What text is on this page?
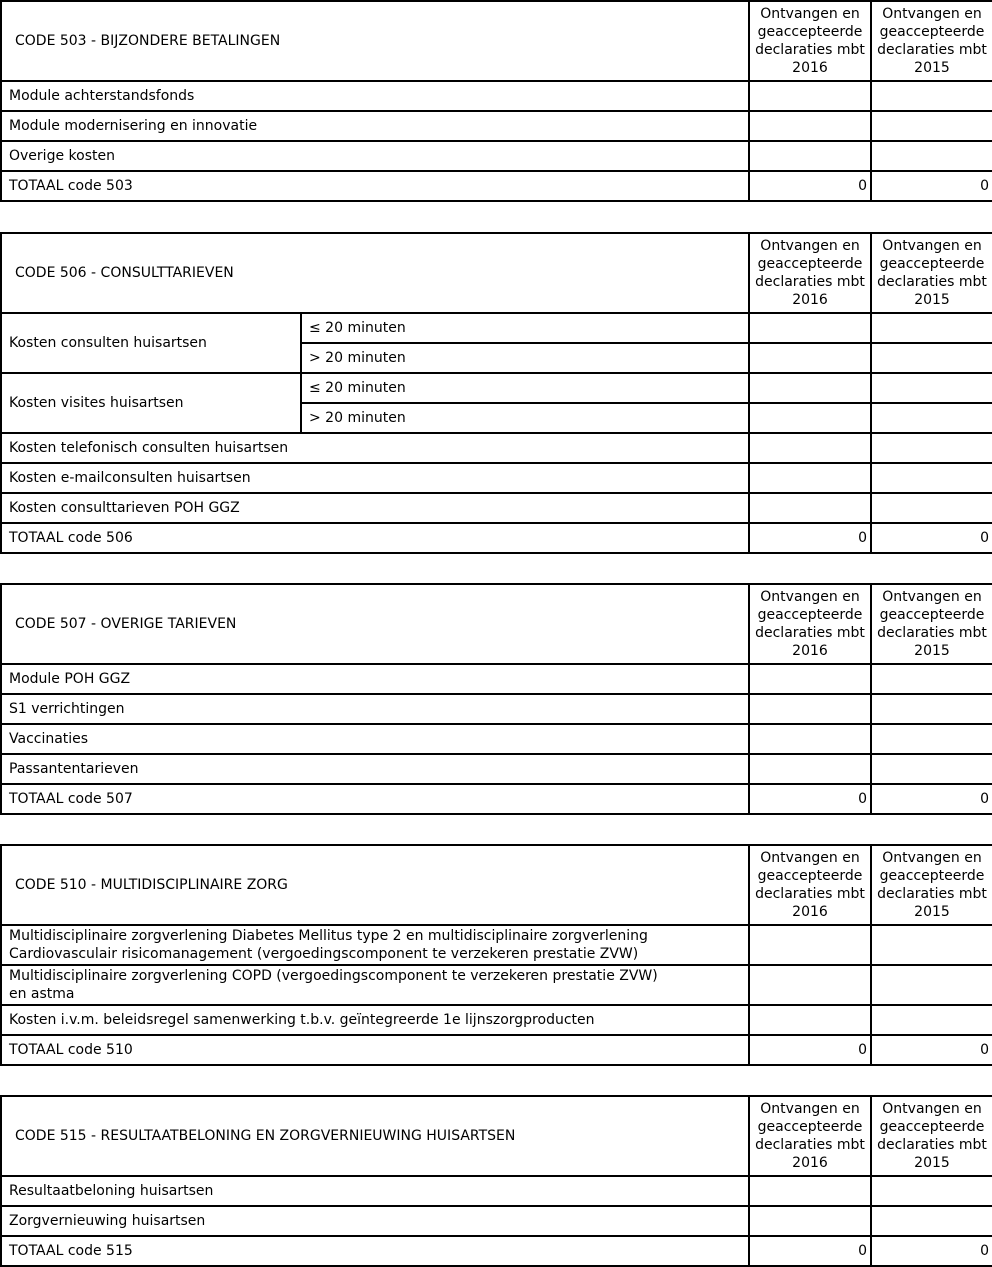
CODE 503 - BIJZONDERE BETALINGEN	Ontvangen en
geaccepteerde
declaraties mbt
2016	Ontvangen en
geaccepteerde
declaraties mbt
2015
Module achterstandsfonds		
Module modernisering en innovatie		
Overige kosten		
TOTAAL code 503	0	0
CODE 506 - CONSULTTARIEVEN		Ontvangen en
geaccepteerde
declaraties mbt
2016	Ontvangen en
geaccepteerde
declaraties mbt
2015
Kosten consulten huisartsen	≤ 20 minuten		
	> 20 minuten		
Kosten visites huisartsen	≤ 20 minuten		
	> 20 minuten		
Kosten telefonisch consulten huisartsen			
Kosten e-mailconsulten huisartsen			
Kosten consulttarieven POH GGZ			
TOTAAL code 506		0	0
CODE 507 - OVERIGE TARIEVEN	Ontvangen en
geaccepteerde
declaraties mbt
2016	Ontvangen en
geaccepteerde
declaraties mbt
2015
Module POH GGZ		
S1 verrichtingen		
Vaccinaties		
Passantentarieven		
TOTAAL code 507	0	0
CODE 510 - MULTIDISCIPLINAIRE ZORG	Ontvangen en
geaccepteerde
declaraties mbt
2016	Ontvangen en
geaccepteerde
declaraties mbt
2015
Multidisciplinaire zorgverlening Diabetes Mellitus type 2 en multidisciplinaire zorgverlening
Cardiovasculair risicomanagement (vergoedingscomponent te verzekeren prestatie ZVW)		
Multidisciplinaire zorgverlening COPD (vergoedingscomponent te verzekeren prestatie ZVW)
en astma		
Kosten i.v.m. beleidsregel samenwerking t.b.v. geïntegreerde 1e lijnszorgproducten		
TOTAAL code 510	0	0
CODE 515 - RESULTAATBELONING EN ZORGVERNIEUWING HUISARTSEN	Ontvangen en
geaccepteerde
declaraties mbt
2016	Ontvangen en
geaccepteerde
declaraties mbt
2015
Resultaatbeloning huisartsen		
Zorgvernieuwing huisartsen		
TOTAAL code 515	0	0
